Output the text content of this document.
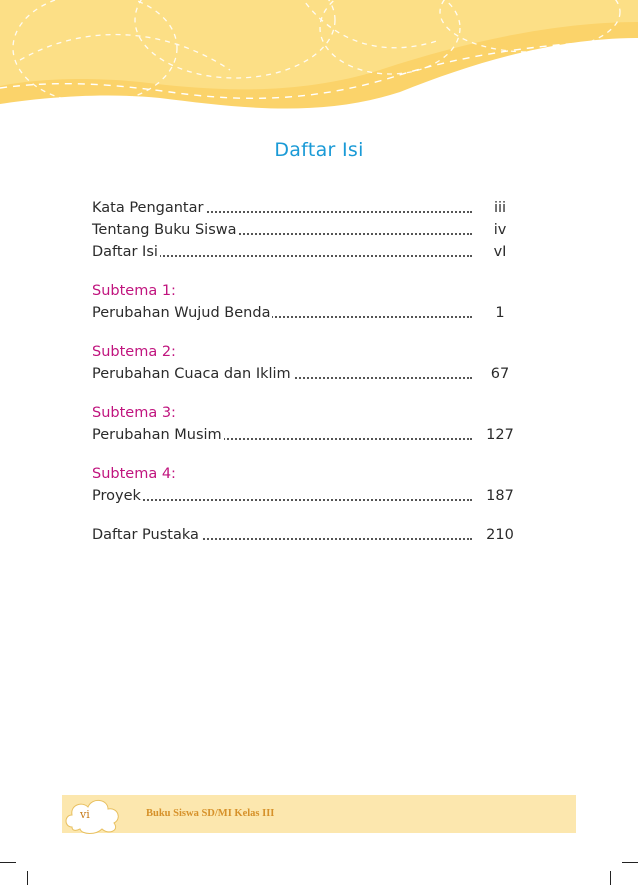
Daftar Isi
Kata Pengantar	iii
Tentang Buku Siswa	iv
Daftar Isi	vI
Subtema 1:
Perubahan Wujud Benda	1
Subtema 2:
Perubahan Cuaca dan Iklim	67
Subtema 3:
Perubahan Musim	127
Subtema 4:
Proyek	187
Daftar Pustaka	210
vi	Buku Siswa SD/MI Kelas III
